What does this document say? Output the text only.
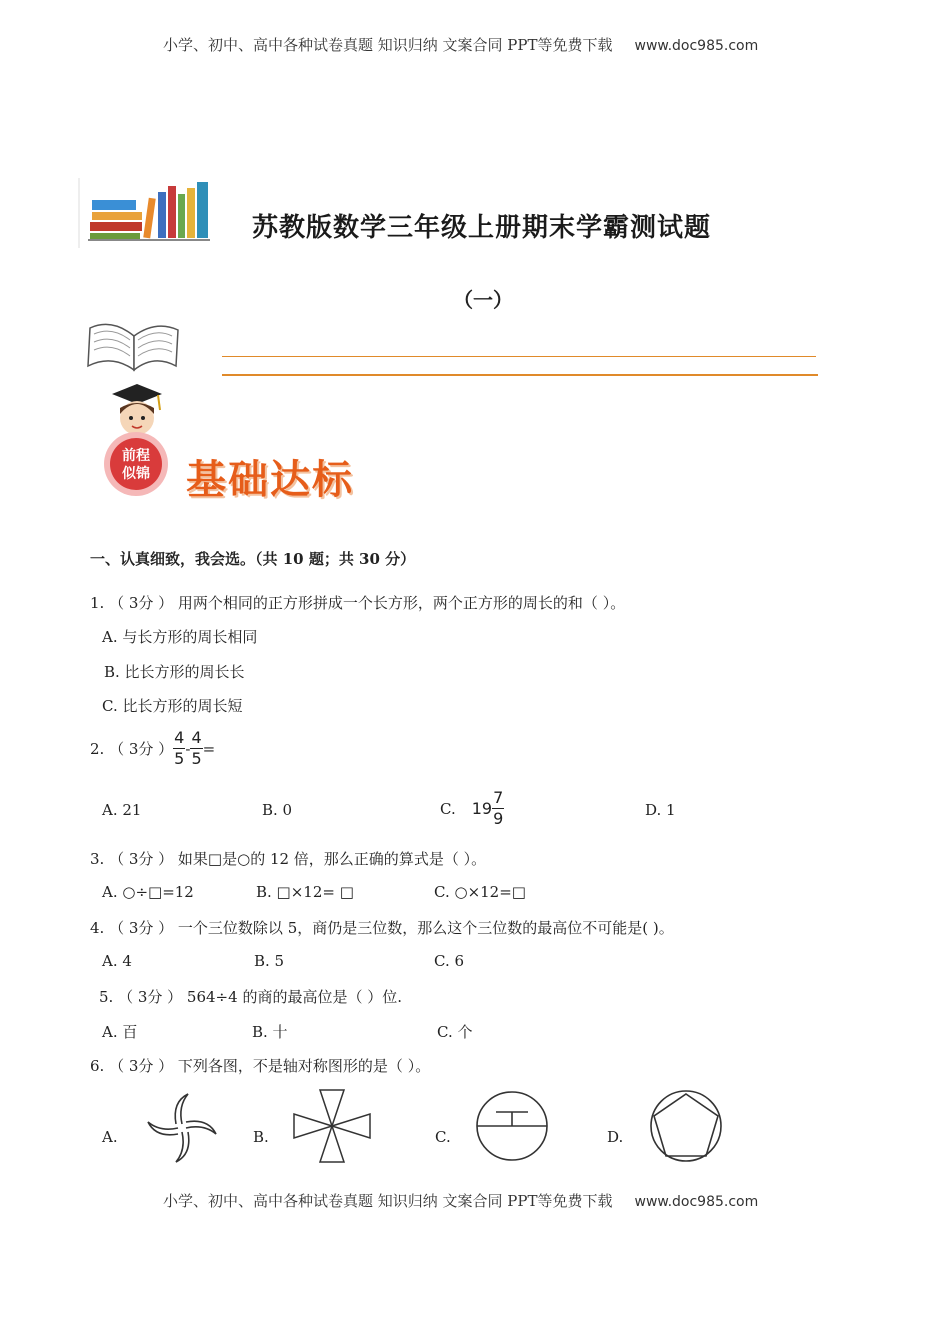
小学、初中、高中各种试卷真题 知识归纳 文案合同 PPT等免费下载 www.doc985.com
苏教版数学三年级上册期末学霸测试题
（一）
前程
似锦 基础达标
一、认真细致，我会选。（共 10 题；共 30 分）
1. （ 3分 ） 用两个相同的正方形拼成一个长方形，两个正方形的周长的和（ ）。
A. 与长方形的周长相同
B. 比长方形的周长长
C. 比长方形的周长短
2. （ 3分 ） $\frac{4}{5} - \frac{4}{5}$ =
A. 21	B. 0	C. $19 \frac{7}{9}$	D. 1
3. （ 3分 ） 如果□是○的 12 倍，那么正确的算式是（ ）。
A. ○÷□=12	B. □×12= □	C. ○×12=□
4. （ 3分 ） 一个三位数除以 5，商仍是三位数，那么这个三位数的最高位不可能是( )。
A. 4	B. 5	C. 6
5. （ 3分 ） 564÷4 的商的最高位是（ ）位.
A. 百	B. 十	C. 个
6. （ 3分 ） 下列各图，不是轴对称图形的是（ ）。
A.	B.	C.	D.
小学、初中、高中各种试卷真题 知识归纳 文案合同 PPT等免费下载 www.doc985.com
